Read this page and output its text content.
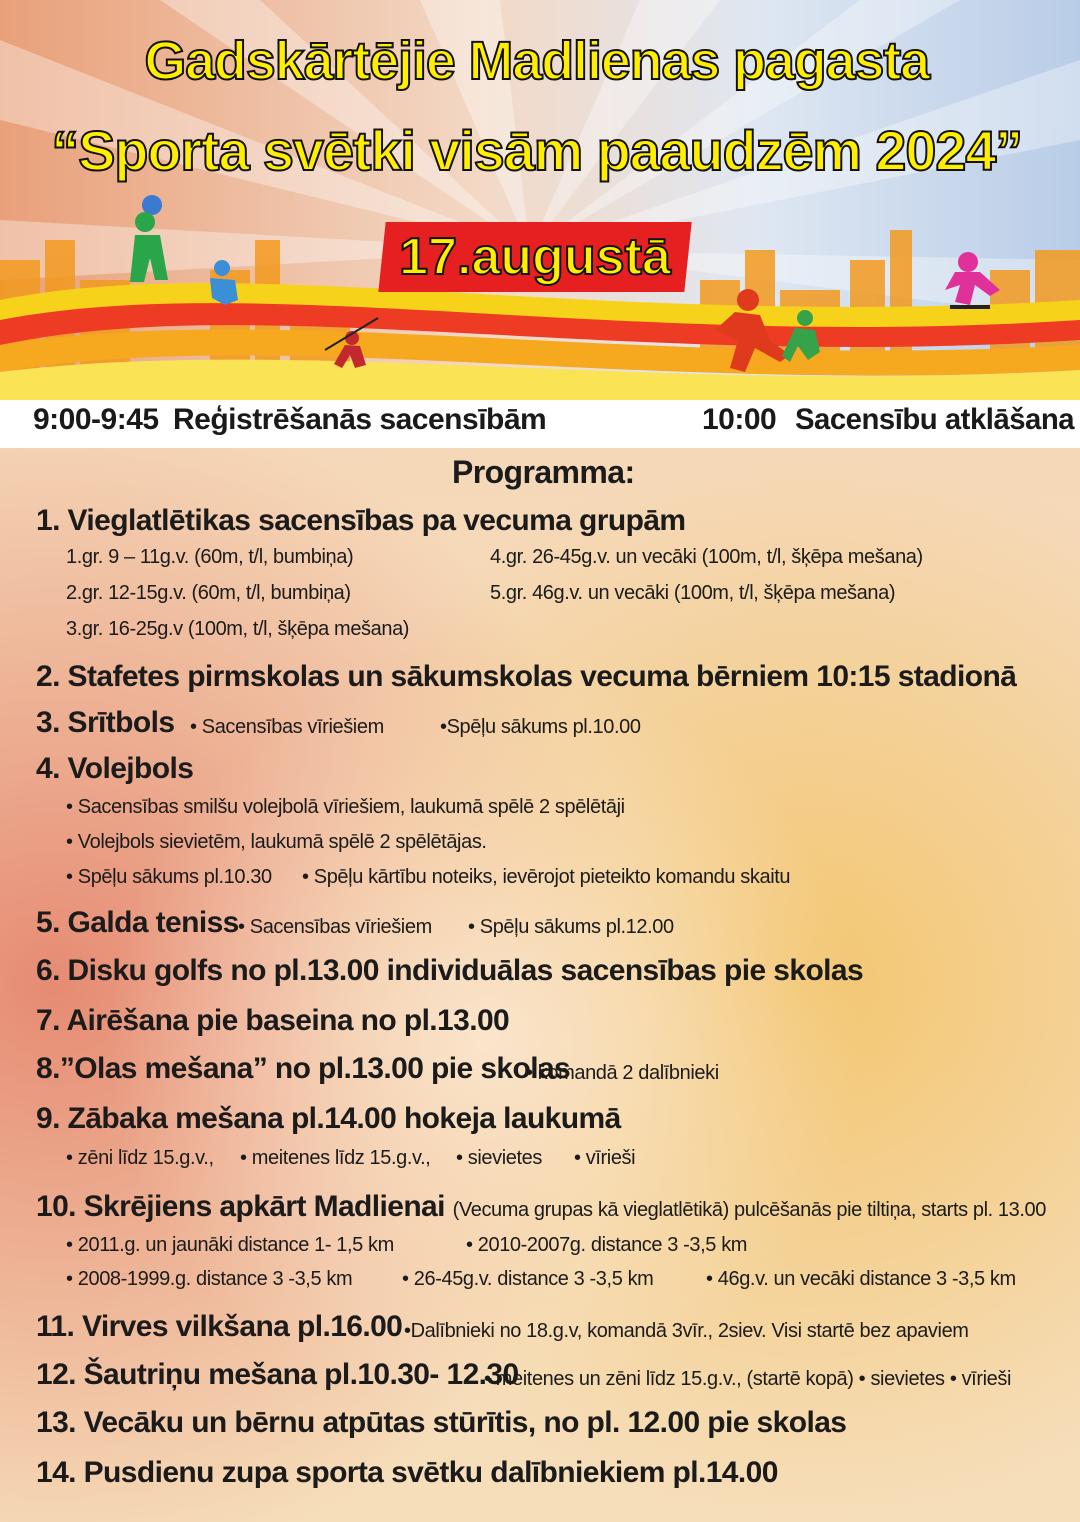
Gadskārtējie Madlienas pagasta
“Sporta svētki visām paaudzēm 2024”
17.augustā
9:00-9:45 Reģistrēšanās sacensībām	10:00 Sacensību atklāšana
Programma:
1. Vieglatlētikas sacensības pa vecuma grupām
1.gr. 9 – 11g.v. (60m, t/l, bumbiņa)	4.gr. 26-45g.v. un vecāki (100m, t/l, šķēpa mešana)
2.gr. 12-15g.v. (60m, t/l, bumbiņa)	5.gr. 46g.v. un vecāki (100m, t/l, šķēpa mešana)
3.gr. 16-25g.v (100m, t/l, šķēpa mešana)
2. Stafetes pirmskolas un sākumskolas vecuma bērniem 10:15 stadionā
3. Srītbols • Sacensības vīriešiem	•Spēļu sākums pl.10.00
4. Volejbols
• Sacensības smilšu volejbolā vīriešiem, laukumā spēlē 2 spēlētāji
• Volejbols sievietēm, laukumā spēlē 2 spēlētājas.
• Spēļu sākums pl.10.30 • Spēļu kārtību noteiks, ievērojot pieteikto komandu skaitu
5. Galda teniss • Sacensības vīriešiem • Spēļu sākums pl.12.00
6. Disku golfs no pl.13.00 individuālas sacensības pie skolas
7. Airēšana pie baseina no pl.13.00
8.”Olas mešana” no pl.13.00 pie skolas
• komandā 2 dalībnieki
9. Zābaka mešana pl.14.00 hokeja laukumā
• zēni līdz 15.g.v., • meitenes līdz 15.g.v., • sievietes • vīrieši
10. Skrējiens apkārt Madlienai (Vecuma grupas kā vieglatlētikā) pulcēšanās pie tiltiņa, starts pl. 13.00
• 2011.g. un jaunāki distance 1- 1,5 km	• 2010-2007g. distance 3 -3,5 km
• 2008-1999.g. distance 3 -3,5 km • 26-45g.v. distance 3 -3,5 km	• 46g.v. un vecāki distance 3 -3,5 km
11. Virves vilkšana pl.16.00 •Dalībnieki no 18.g.v, komandā 3vīr., 2siev. Visi startē bez apaviem
12. Šautriņu mešana pl.10.30- 12.30
• meitenes un zēni līdz 15.g.v., (startē kopā) • sievietes • vīrieši
13. Vecāku un bērnu atpūtas stūrītis, no pl. 12.00 pie skolas
14. Pusdienu zupa sporta svētku dalībniekiem pl.14.00
